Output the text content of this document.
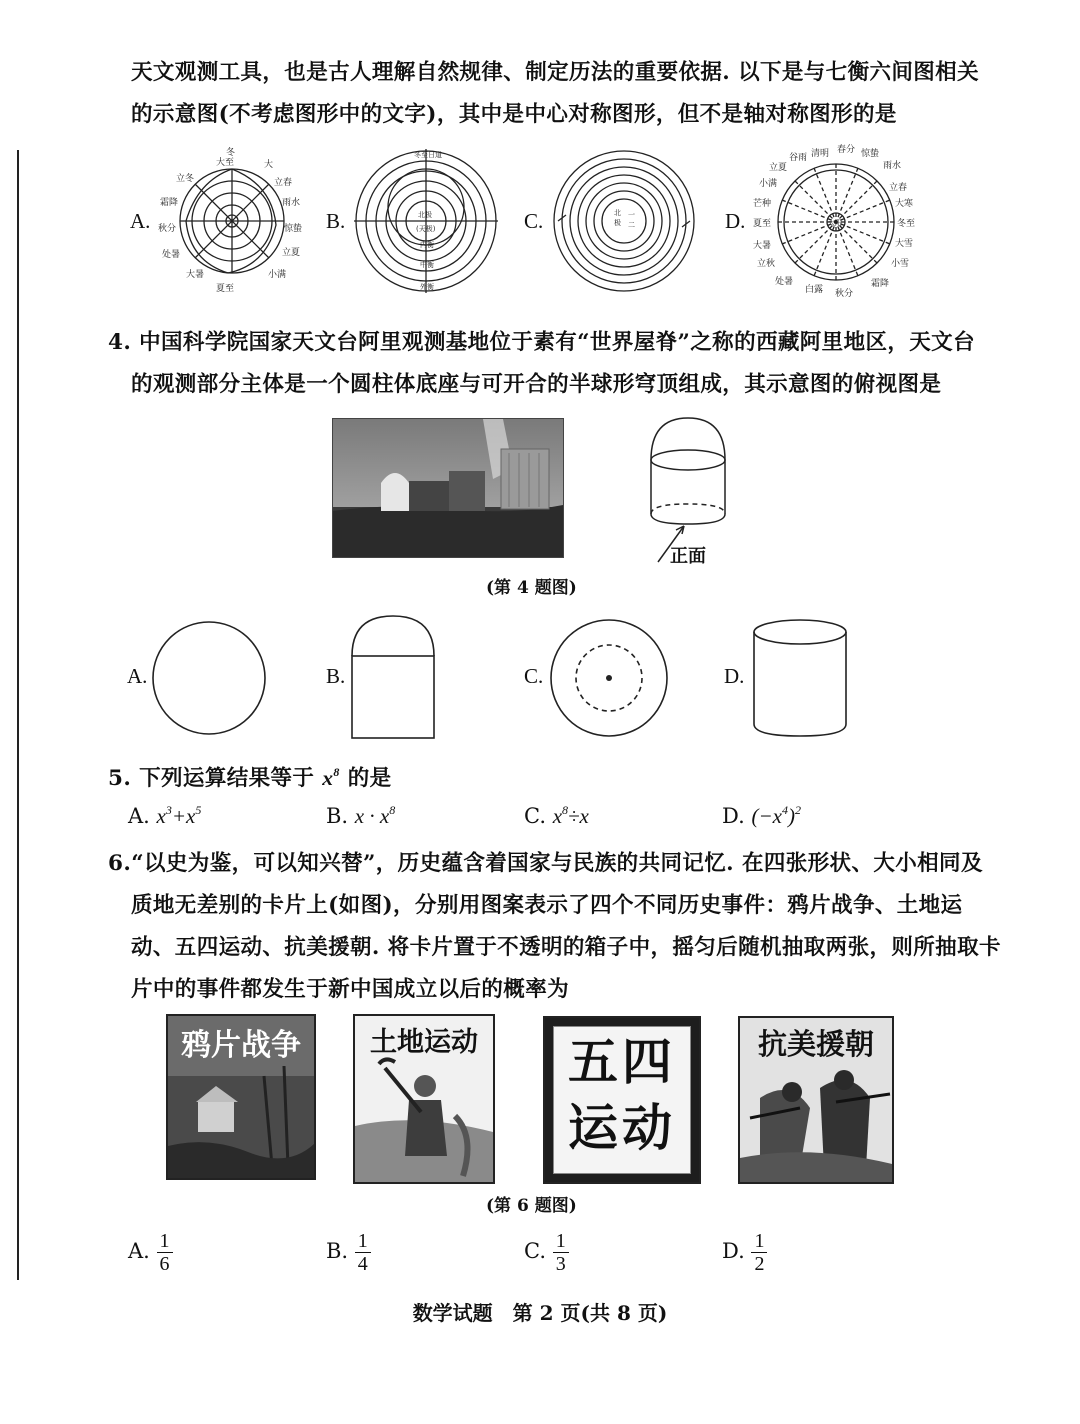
天文观测工具，也是古人理解自然规律、制定历法的重要依据. 以下是与七衡六间图相关
的示意图(不考虑图形中的文字)，其中是中心对称图形，但不是轴对称图形的是
A.	B.	C.	D.
冬
大至	大
立春
雨水
惊蛰
立夏
小满
夏至
大暑
处暑
秋分
霜降
立冬
冬至日道
北极
(天极)
内衡
中衡
外衡
北
极
一
二
清明 春分 惊蛰
雨水
立春
大寒
冬至
大雪
小雪
霜降
秋分
白露
处暑
立秋
大暑
夏至
芒种
小满
立夏
谷雨
太阳
4. 中国科学院国家天文台阿里观测基地位于素有“世界屋脊”之称的西藏阿里地区，天文台
的观测部分主体是一个圆柱体底座与可开合的半球形穹顶组成，其示意图的俯视图是
正面
(第 4 题图)
A.	B.	C.	D.
5. 下列运算结果等于 $x^8$ 的是
A. $x^3+x^5$	B. $x \cdot x^8$	C. $x^8\div x$	D. $(-x^4)^2$
6.“以史为鉴，可以知兴替”，历史蕴含着国家与民族的共同记忆. 在四张形状、大小相同及
质地无差别的卡片上(如图)，分别用图案表示了四个不同历史事件：鸦片战争、土地运
动、五四运动、抗美援朝. 将卡片置于不透明的箱子中，摇匀后随机抽取两张，则所抽取卡
片中的事件都发生于新中国成立以后的概率为
鸦片战争	土地运动	五四
运动
抗美援朝
(第 6 题图)
A. $\frac{1}{6}$	B. $\frac{1}{4}$	C. $\frac{1}{3}$	D. $\frac{1}{2}$
数学试题　第 2 页(共 8 页)
